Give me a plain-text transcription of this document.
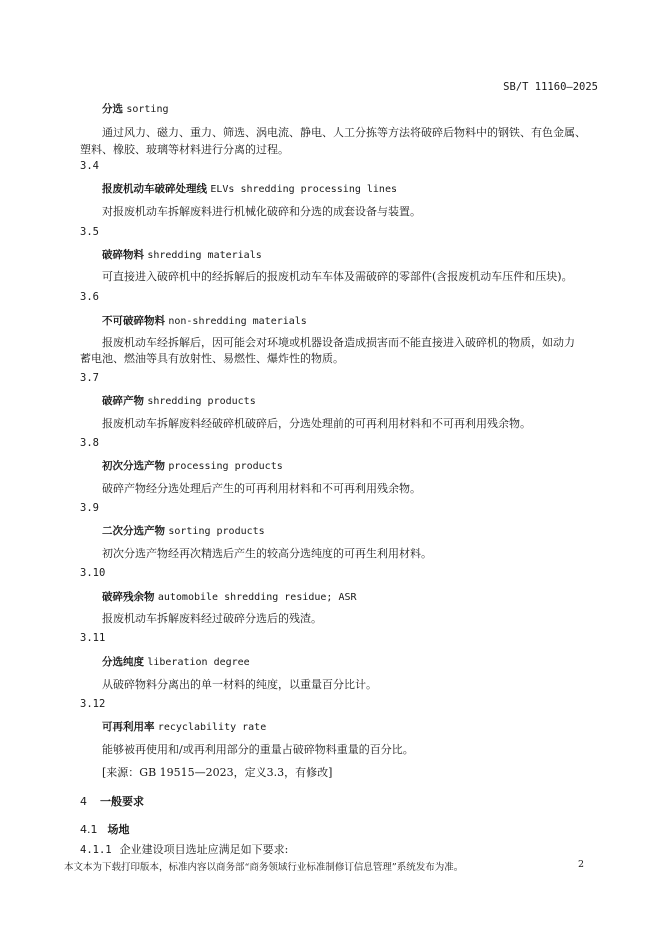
SB/T 11160—2025
分选 sorting
通过风力、磁力、重力、筛选、涡电流、静电、人工分拣等方法将破碎后物料中的钢铁、有色金属、
塑料、橡胶、玻璃等材料进行分离的过程。
3.4
报废机动车破碎处理线 ELVs shredding processing lines
对报废机动车拆解废料进行机械化破碎和分选的成套设备与装置。
3.5
破碎物料 shredding materials
可直接进入破碎机中的经拆解后的报废机动车车体及需破碎的零部件(含报废机动车压件和压块)。
3.6
不可破碎物料 non-shredding materials
报废机动车经拆解后，因可能会对环境或机器设备造成损害而不能直接进入破碎机的物质，如动力
蓄电池、燃油等具有放射性、易燃性、爆炸性的物质。
3.7
破碎产物 shredding products
报废机动车拆解废料经破碎机破碎后，分选处理前的可再利用材料和不可再利用残余物。
3.8
初次分选产物 processing products
破碎产物经分选处理后产生的可再利用材料和不可再利用残余物。
3.9
二次分选产物 sorting products
初次分选产物经再次精选后产生的较高分选纯度的可再生利用材料。
3.10
破碎残余物 automobile shredding residue; ASR
报废机动车拆解废料经过破碎分选后的残渣。
3.11
分选纯度 liberation degree
从破碎物料分离出的单一材料的纯度，以重量百分比计。
3.12
可再利用率 recyclability rate
能够被再使用和/或再利用部分的重量占破碎物料重量的百分比。
[来源：GB 19515—2023，定义3.3，有修改]
4 一般要求
4.1 场地
4.1.1 企业建设项目选址应满足如下要求:
本文本为下载打印版本，标准内容以商务部“商务领域行业标准制修订信息管理”系统发布为准。	2
